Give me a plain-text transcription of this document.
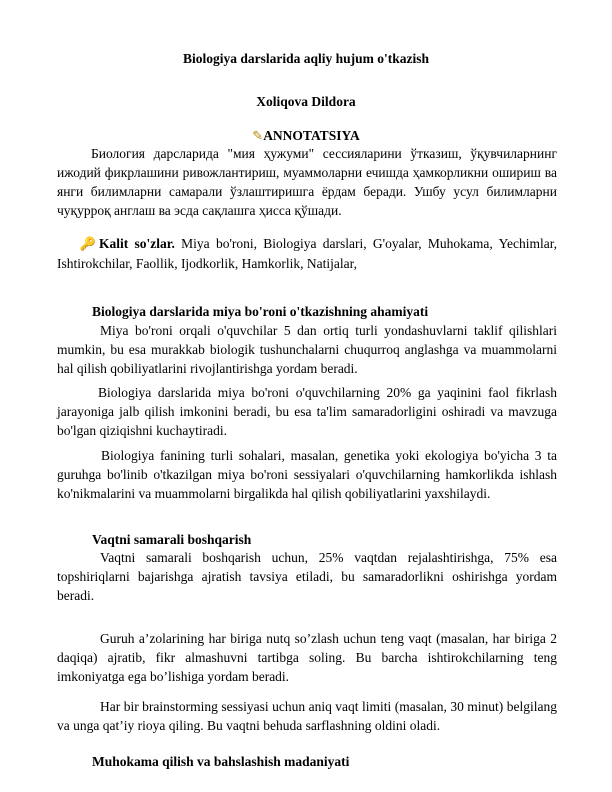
Biologiya darslarida aqliy hujum o'tkazish
Xoliqova Dildora
✎ANNOTATSIYA
Биология дарсларида "мия ҳужуми" сессияларини ўтказиш, ўқувчиларнинг ижодий фикрлашини ривожлантириш, муаммоларни ечишда ҳамкорликни ошириш ва янги билимларни самарали ўзлаштиришга ёрдам беради. Ушбу усул билимларни чуқурроқ англаш ва эсда сақлашга ҳисса қўшади.
🔑Kalit so'zlar. Miya bo'roni, Biologiya darslari, G'oyalar, Muhokama, Yechimlar, Ishtirokchilar, Faollik, Ijodkorlik, Hamkorlik, Natijalar,
Biologiya darslarida miya bo'roni o'tkazishning ahamiyati
Miya bo'roni orqali o'quvchilar 5 dan ortiq turli yondashuvlarni taklif qilishlari mumkin, bu esa murakkab biologik tushunchalarni chuqurroq anglashga va muammolarni hal qilish qobiliyatlarini rivojlantirishga yordam beradi.
Biologiya darslarida miya bo'roni o'quvchilarning 20% ga yaqinini faol fikrlash jarayoniga jalb qilish imkonini beradi, bu esa ta'lim samaradorligini oshiradi va mavzuga bo'lgan qiziqishni kuchaytiradi.
Biologiya fanining turli sohalari, masalan, genetika yoki ekologiya bo'yicha 3 ta guruhga bo'linib o'tkazilgan miya bo'roni sessiyalari o'quvchilarning hamkorlikda ishlash ko'nikmalarini va muammolarni birgalikda hal qilish qobiliyatlarini yaxshilaydi.
Vaqtni samarali boshqarish
Vaqtni samarali boshqarish uchun, 25% vaqtdan rejalashtirishga, 75% esa topshiriqlarni bajarishga ajratish tavsiya etiladi, bu samaradorlikni oshirishga yordam beradi.
Guruh a’zolarining har biriga nutq so’zlash uchun teng vaqt (masalan, har biriga 2 daqiqa) ajratib, fikr almashuvni tartibga soling. Bu barcha ishtirokchilarning teng imkoniyatga ega bo’lishiga yordam beradi.
Har bir brainstorming sessiyasi uchun aniq vaqt limiti (masalan, 30 minut) belgilang va unga qat’iy rioya qiling. Bu vaqtni behuda sarflashning oldini oladi.
Muhokama qilish va bahslashish madaniyati
